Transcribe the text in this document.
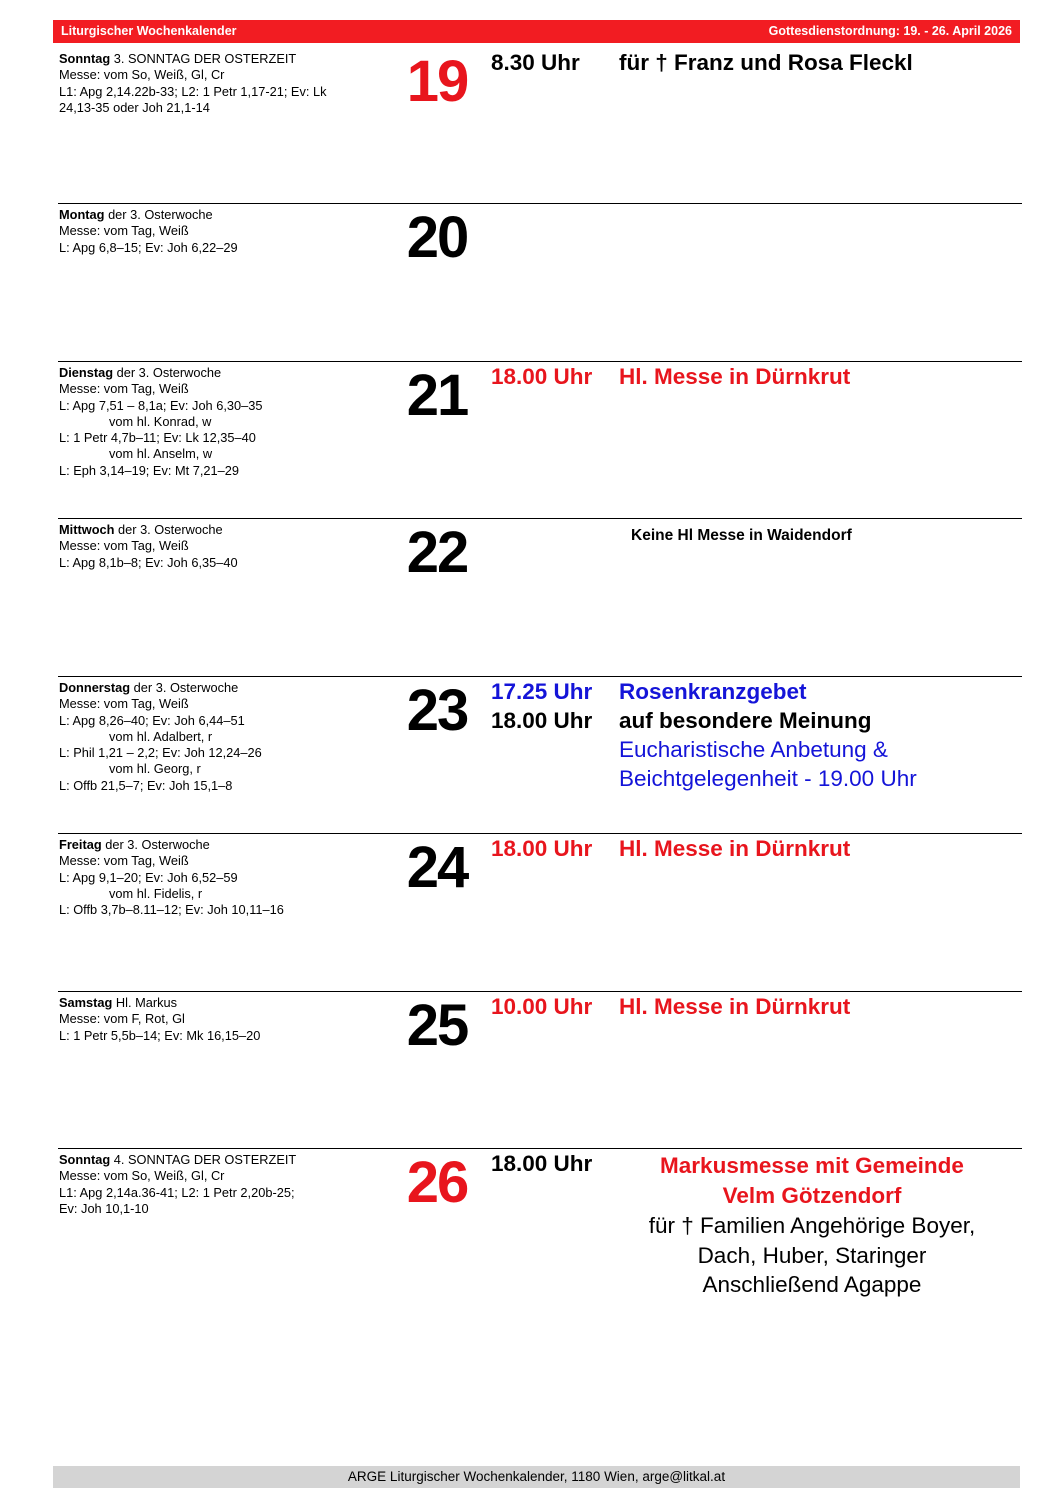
Liturgischer Wochenkalender	Gottesdienstordnung: 19. - 26. April 2026
Sonntag 3. SONNTAG DER OSTERZEIT
Messe: vom So, Weiß, Gl, Cr
L1: Apg 2,14.22b-33; L2: 1 Petr 1,17-21; Ev: Lk
24,13-35 oder Joh 21,1-14	19	8.30 Uhr für † Franz und Rosa Fleckl
Montag der 3. Osterwoche
Messe: vom Tag, Weiß
L: Apg 6,8–15; Ev: Joh 6,22–29	20
Dienstag der 3. Osterwoche
Messe: vom Tag, Weiß
L: Apg 7,51 – 8,1a; Ev: Joh 6,30–35
vom hl. Konrad, w
L: 1 Petr 4,7b–11; Ev: Lk 12,35–40
vom hl. Anselm, w
L: Eph 3,14–19; Ev: Mt 7,21–29
21	18.00 Uhr Hl. Messe in Dürnkrut
Mittwoch der 3. Osterwoche
Messe: vom Tag, Weiß
L: Apg 8,1b–8; Ev: Joh 6,35–40	22	Keine Hl Messe in Waidendorf
Donnerstag der 3. Osterwoche
Messe: vom Tag, Weiß
L: Apg 8,26–40; Ev: Joh 6,44–51
vom hl. Adalbert, r
L: Phil 1,21 – 2,2; Ev: Joh 12,24–26
vom hl. Georg, r
L: Offb 21,5–7; Ev: Joh 15,1–8
23	17.25 Uhr Rosenkranzgebet
18.00 Uhr auf besondere Meinung
Eucharistische Anbetung &
Beichtgelegenheit - 19.00 Uhr
Freitag der 3. Osterwoche
Messe: vom Tag, Weiß
L: Apg 9,1–20; Ev: Joh 6,52–59
vom hl. Fidelis, r
L: Offb 3,7b–8.11–12; Ev: Joh 10,11–16
24	18.00 Uhr Hl. Messe in Dürnkrut
Samstag Hl. Markus
Messe: vom F, Rot, Gl
L: 1 Petr 5,5b–14; Ev: Mk 16,15–20	25	10.00 Uhr Hl. Messe in Dürnkrut
Sonntag 4. SONNTAG DER OSTERZEIT
Messe: vom So, Weiß, Gl, Cr
L1: Apg 2,14a.36-41; L2: 1 Petr 2,20b-25;
Ev: Joh 10,1-10	26	18.00 Uhr	Markusmesse mit Gemeinde
Velm Götzendorf
für † Familien Angehörige Boyer,
Dach, Huber, Staringer
Anschließend Agappe
ARGE Liturgischer Wochenkalender, 1180 Wien, arge@litkal.at
